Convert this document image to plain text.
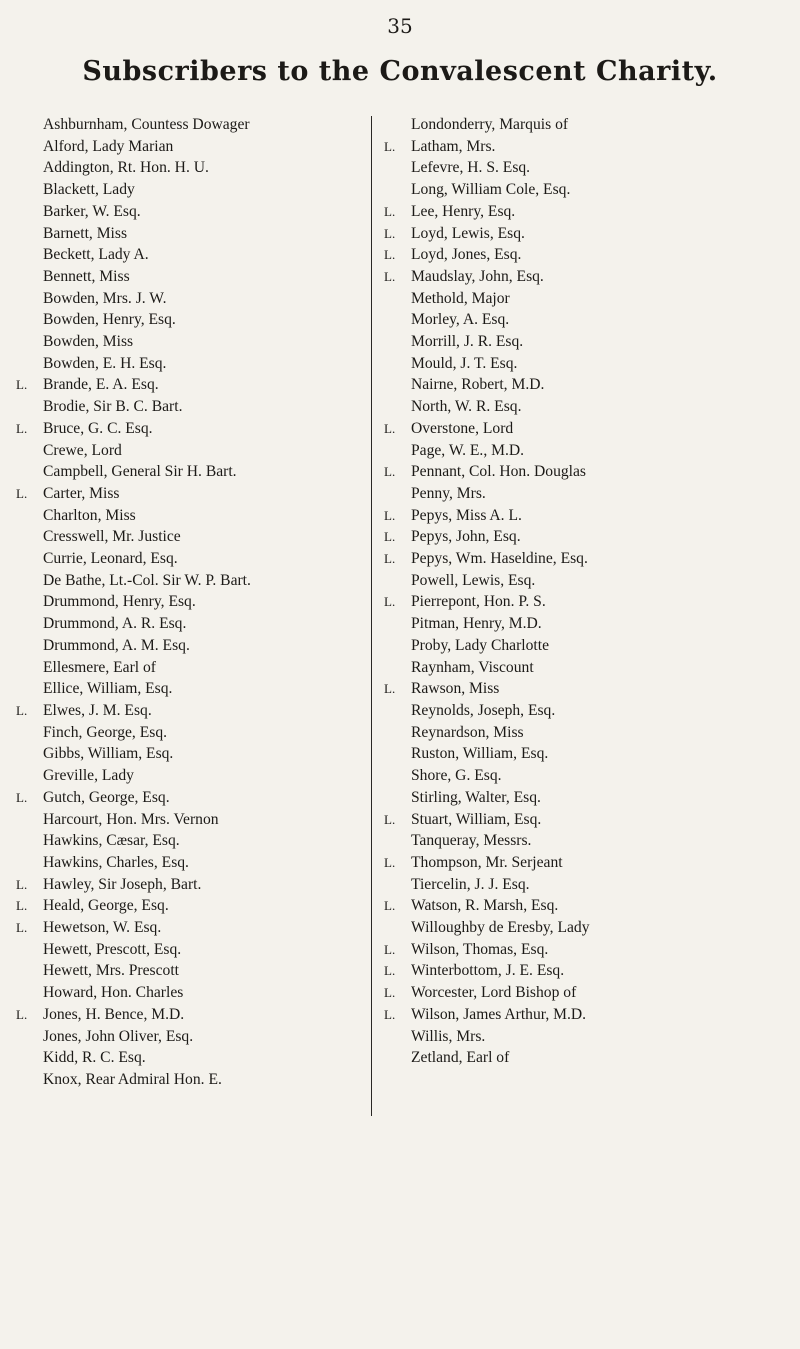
35
Subscribers to the Convalescent Charity.
Ashburnham, Countess Dowager
Alford, Lady Marian
Addington, Rt. Hon. H. U.
Blackett, Lady
Barker, W. Esq.
Barnett, Miss
Beckett, Lady A.
Bennett, Miss
Bowden, Mrs. J. W.
Bowden, Henry, Esq.
Bowden, Miss
Bowden, E. H. Esq.
L.	Brande, E. A. Esq.
Brodie, Sir B. C. Bart.
L.	Bruce, G. C. Esq.
Crewe, Lord
Campbell, General Sir H. Bart.
L.	Carter, Miss
Charlton, Miss
Cresswell, Mr. Justice
Currie, Leonard, Esq.
De Bathe, Lt.-Col. Sir W. P. Bart.
Drummond, Henry, Esq.
Drummond, A. R. Esq.
Drummond, A. M. Esq.
Ellesmere, Earl of
Ellice, William, Esq.
L.	Elwes, J. M. Esq.
Finch, George, Esq.
Gibbs, William, Esq.
Greville, Lady
L.	Gutch, George, Esq.
Harcourt, Hon. Mrs. Vernon
Hawkins, Cæsar, Esq.
Hawkins, Charles, Esq.
L.	Hawley, Sir Joseph, Bart.
L.	Heald, George, Esq.
L.	Hewetson, W. Esq.
Hewett, Prescott, Esq.
Hewett, Mrs. Prescott
Howard, Hon. Charles
L.	Jones, H. Bence, M.D.
Jones, John Oliver, Esq.
Kidd, R. C. Esq.
Knox, Rear Admiral Hon. E.
Londonderry, Marquis of
L.	Latham, Mrs.
Lefevre, H. S. Esq.
Long, William Cole, Esq.
L.	Lee, Henry, Esq.
L.	Loyd, Lewis, Esq.
L.	Loyd, Jones, Esq.
L.	Maudslay, John, Esq.
Methold, Major
Morley, A. Esq.
Morrill, J. R. Esq.
Mould, J. T. Esq.
Nairne, Robert, M.D.
North, W. R. Esq.
L.	Overstone, Lord
Page, W. E., M.D.
L.	Pennant, Col. Hon. Douglas
Penny, Mrs.
L.	Pepys, Miss A. L.
L.	Pepys, John, Esq.
L.	Pepys, Wm. Haseldine, Esq.
Powell, Lewis, Esq.
L.	Pierrepont, Hon. P. S.
Pitman, Henry, M.D.
Proby, Lady Charlotte
Raynham, Viscount
L.	Rawson, Miss
Reynolds, Joseph, Esq.
Reynardson, Miss
Ruston, William, Esq.
Shore, G. Esq.
Stirling, Walter, Esq.
L.	Stuart, William, Esq.
Tanqueray, Messrs.
L.	Thompson, Mr. Serjeant
Tiercelin, J. J. Esq.
L.	Watson, R. Marsh, Esq.
Willoughby de Eresby, Lady
L.	Wilson, Thomas, Esq.
L.	Winterbottom, J. E. Esq.
L.	Worcester, Lord Bishop of
L.	Wilson, James Arthur, M.D.
Willis, Mrs.
Zetland, Earl of
